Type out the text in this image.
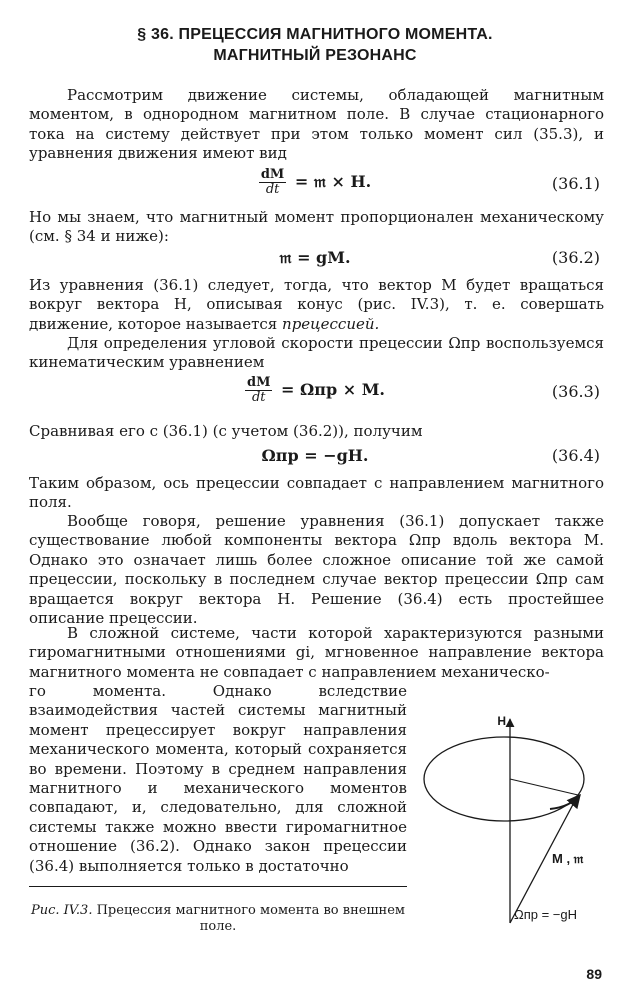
§ 36. ПРЕЦЕССИЯ МАГНИТНОГО МОМЕНТА.
МАГНИТНЫЙ РЕЗОНАНС

Рассмотрим движение системы, обладающей магнитным моментом, в однородном магнитном поле. В случае стационарного тока на систему действует при этом только момент сил (35.3), и уравнения движения имеют вид

$\frac{dM}{dt}$ = 𝔪 × H.	(36.1)

Но мы знаем, что магнитный момент пропорционален механическому (см. § 34 и ниже):

𝔪 = gM.	(36.2)

Из уравнения (36.1) следует, тогда, что вектор M будет вращаться вокруг вектора H, описывая конус (рис. IV.3), т. е. совершать движение, которое называется прецессией.

Для определения угловой скорости прецессии Ωпр воспользуемся кинематическим уравнением

$\frac{dM}{dt} = \Omega пр \times M$.	(36.3)

Сравнивая его с (36.1) (с учетом (36.2)), получим

Ωпр = −gH.	(36.4)

Таким образом, ось прецессии совпадает с направлением магнитного поля.

Вообще говоря, решение уравнения (36.1) допускает также существование любой компоненты вектора Ωпр вдоль вектора M. Однако это означает лишь более сложное описание той же самой прецессии, поскольку в последнем случае вектор прецессии Ωпр сам вращается вокруг вектора H. Решение (36.4) есть простейшее описание прецессии.

В сложной системе, части которой характеризуются разными гиромагнитными отношениями gi, мгновенное направление вектора магнитного момента не совпадает с направлением механическо-

го момента. Однако вследствие взаимодействия частей системы магнитный момент прецессирует вокруг направления механического момента, который сохраняется во времени. Поэтому в среднем направления магнитного и механического моментов совпадают, и, следовательно, для сложной системы также можно ввести гиромагнитное отношение (36.2). Однако закон прецессии (36.4) выполняется только в достаточно

Рис. IV.3. Прецессия магнитного момента во внешнем поле.
H
M , 𝔪
Ωпр = −gH
89
